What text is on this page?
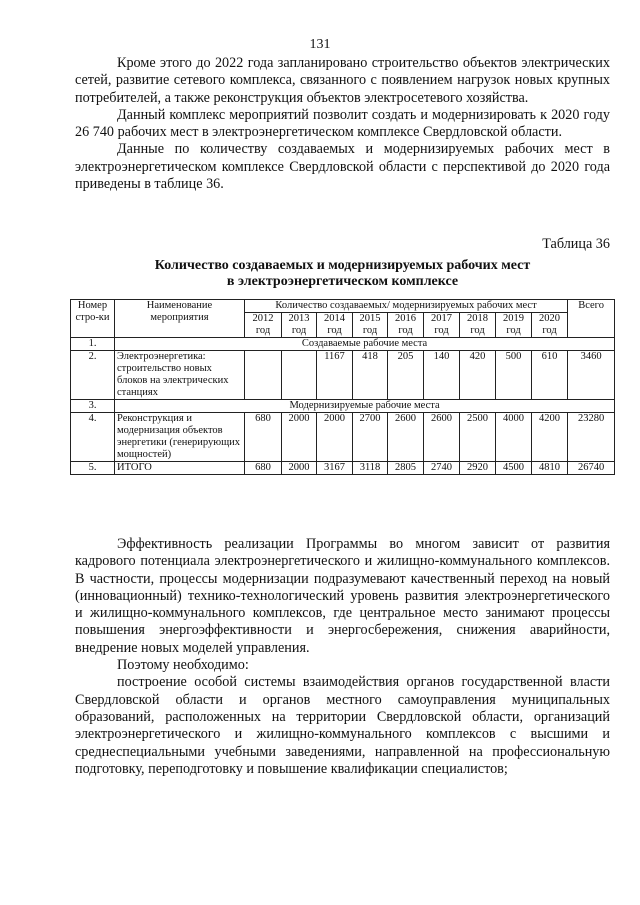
131

Кроме этого до 2022 года запланировано строительство объектов электрических сетей, развитие сетевого комплекса, связанного с появлением нагрузок новых крупных потребителей, а также реконструкция объектов электросетевого хозяйства.

Данный комплекс мероприятий позволит создать и модернизировать к 2020 году 26 740 рабочих мест в электроэнергетическом комплексе Свердловской области.

Данные по количеству создаваемых и модернизируемых рабочих мест в электроэнергетическом комплексе Свердловской области с перспективой до 2020 года приведены в таблице 36.

Таблица 36
Количество создаваемых и модернизируемых рабочих мест
в электроэнергетическом комплексе
Номер стро-ки	Наименование мероприятия	Количество создаваемых/ модернизируемых рабочих мест									Всего
		2012 год	2013 год	2014 год	2015 год	2016 год	2017 год	2018 год	2019 год	2020 год	
1.	Создаваемые рабочие места										
2.	Электроэнергетика: строительство новых блоков на электрических станциях			1167	418	205	140	420	500	610	3460
3.	Модернизируемые рабочие места										
4.	Реконструкция и модернизация объектов энергетики (генерирующих мощностей)	680	2000	2000	2700	2600	2600	2500	4000	4200	23280
5.	ИТОГО	680	2000	3167	3118	2805	2740	2920	4500	4810	26740

Эффективность реализации Программы во многом зависит от развития кадрового потенциала электроэнергетического и жилищно-коммунального комплексов. В частности, процессы модернизации подразумевают качественный переход на новый (инновационный) технико-технологический уровень развития электроэнергетического и жилищно-коммунального комплексов, где центральное место занимают процессы повышения энергоэффективности и энергосбережения, снижения аварийности, внедрение новых моделей управления.

Поэтому необходимо:

построение особой системы взаимодействия органов государственной власти Свердловской области и органов местного самоуправления муниципальных образований, расположенных на территории Свердловской области, организаций электроэнергетического и жилищно-коммунального комплексов с высшими и среднеспециальными учебными заведениями, направленной на профессиональную подготовку, переподготовку и повышение квалификации специалистов;
